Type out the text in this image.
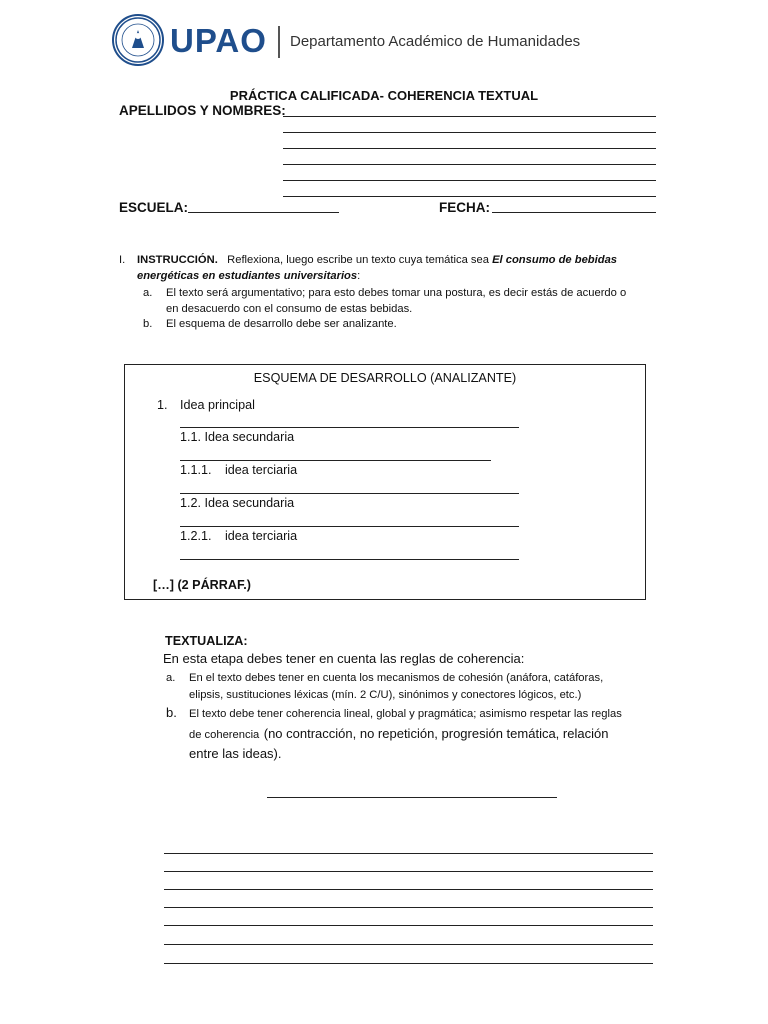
UPAO Departamento Académico de Humanidades
PRÁCTICA CALIFICADA- COHERENCIA TEXTUAL
APELLIDOS Y NOMBRES:
ESCUELA:	FECHA:
I. INSTRUCCIÓN. Reflexiona, luego escribe un texto cuya temática sea El consumo de bebidas
energéticas en estudiantes universitarios:
a. El texto será argumentativo; para esto debes tomar una postura, es decir estás de acuerdo o
en desacuerdo con el consumo de estas bebidas.
b. El esquema de desarrollo debe ser analizante.
ESQUEMA DE DESARROLLO (ANALIZANTE)
1. Idea principal
1.1. Idea secundaria
1.1.1. idea terciaria
1.2. Idea secundaria
1.2.1. idea terciaria
[…] (2 PÁRRAF.)
TEXTUALIZA:
En esta etapa debes tener en cuenta las reglas de coherencia:
a. En el texto debes tener en cuenta los mecanismos de cohesión (anáfora, catáforas,
elipsis, sustituciones léxicas (mín. 2 C/U), sinónimos y conectores lógicos, etc.)
b. El texto debe tener coherencia lineal, global y pragmática; asimismo respetar las reglas
de coherencia (no contracción, no repetición, progresión temática, relación
entre las ideas).
